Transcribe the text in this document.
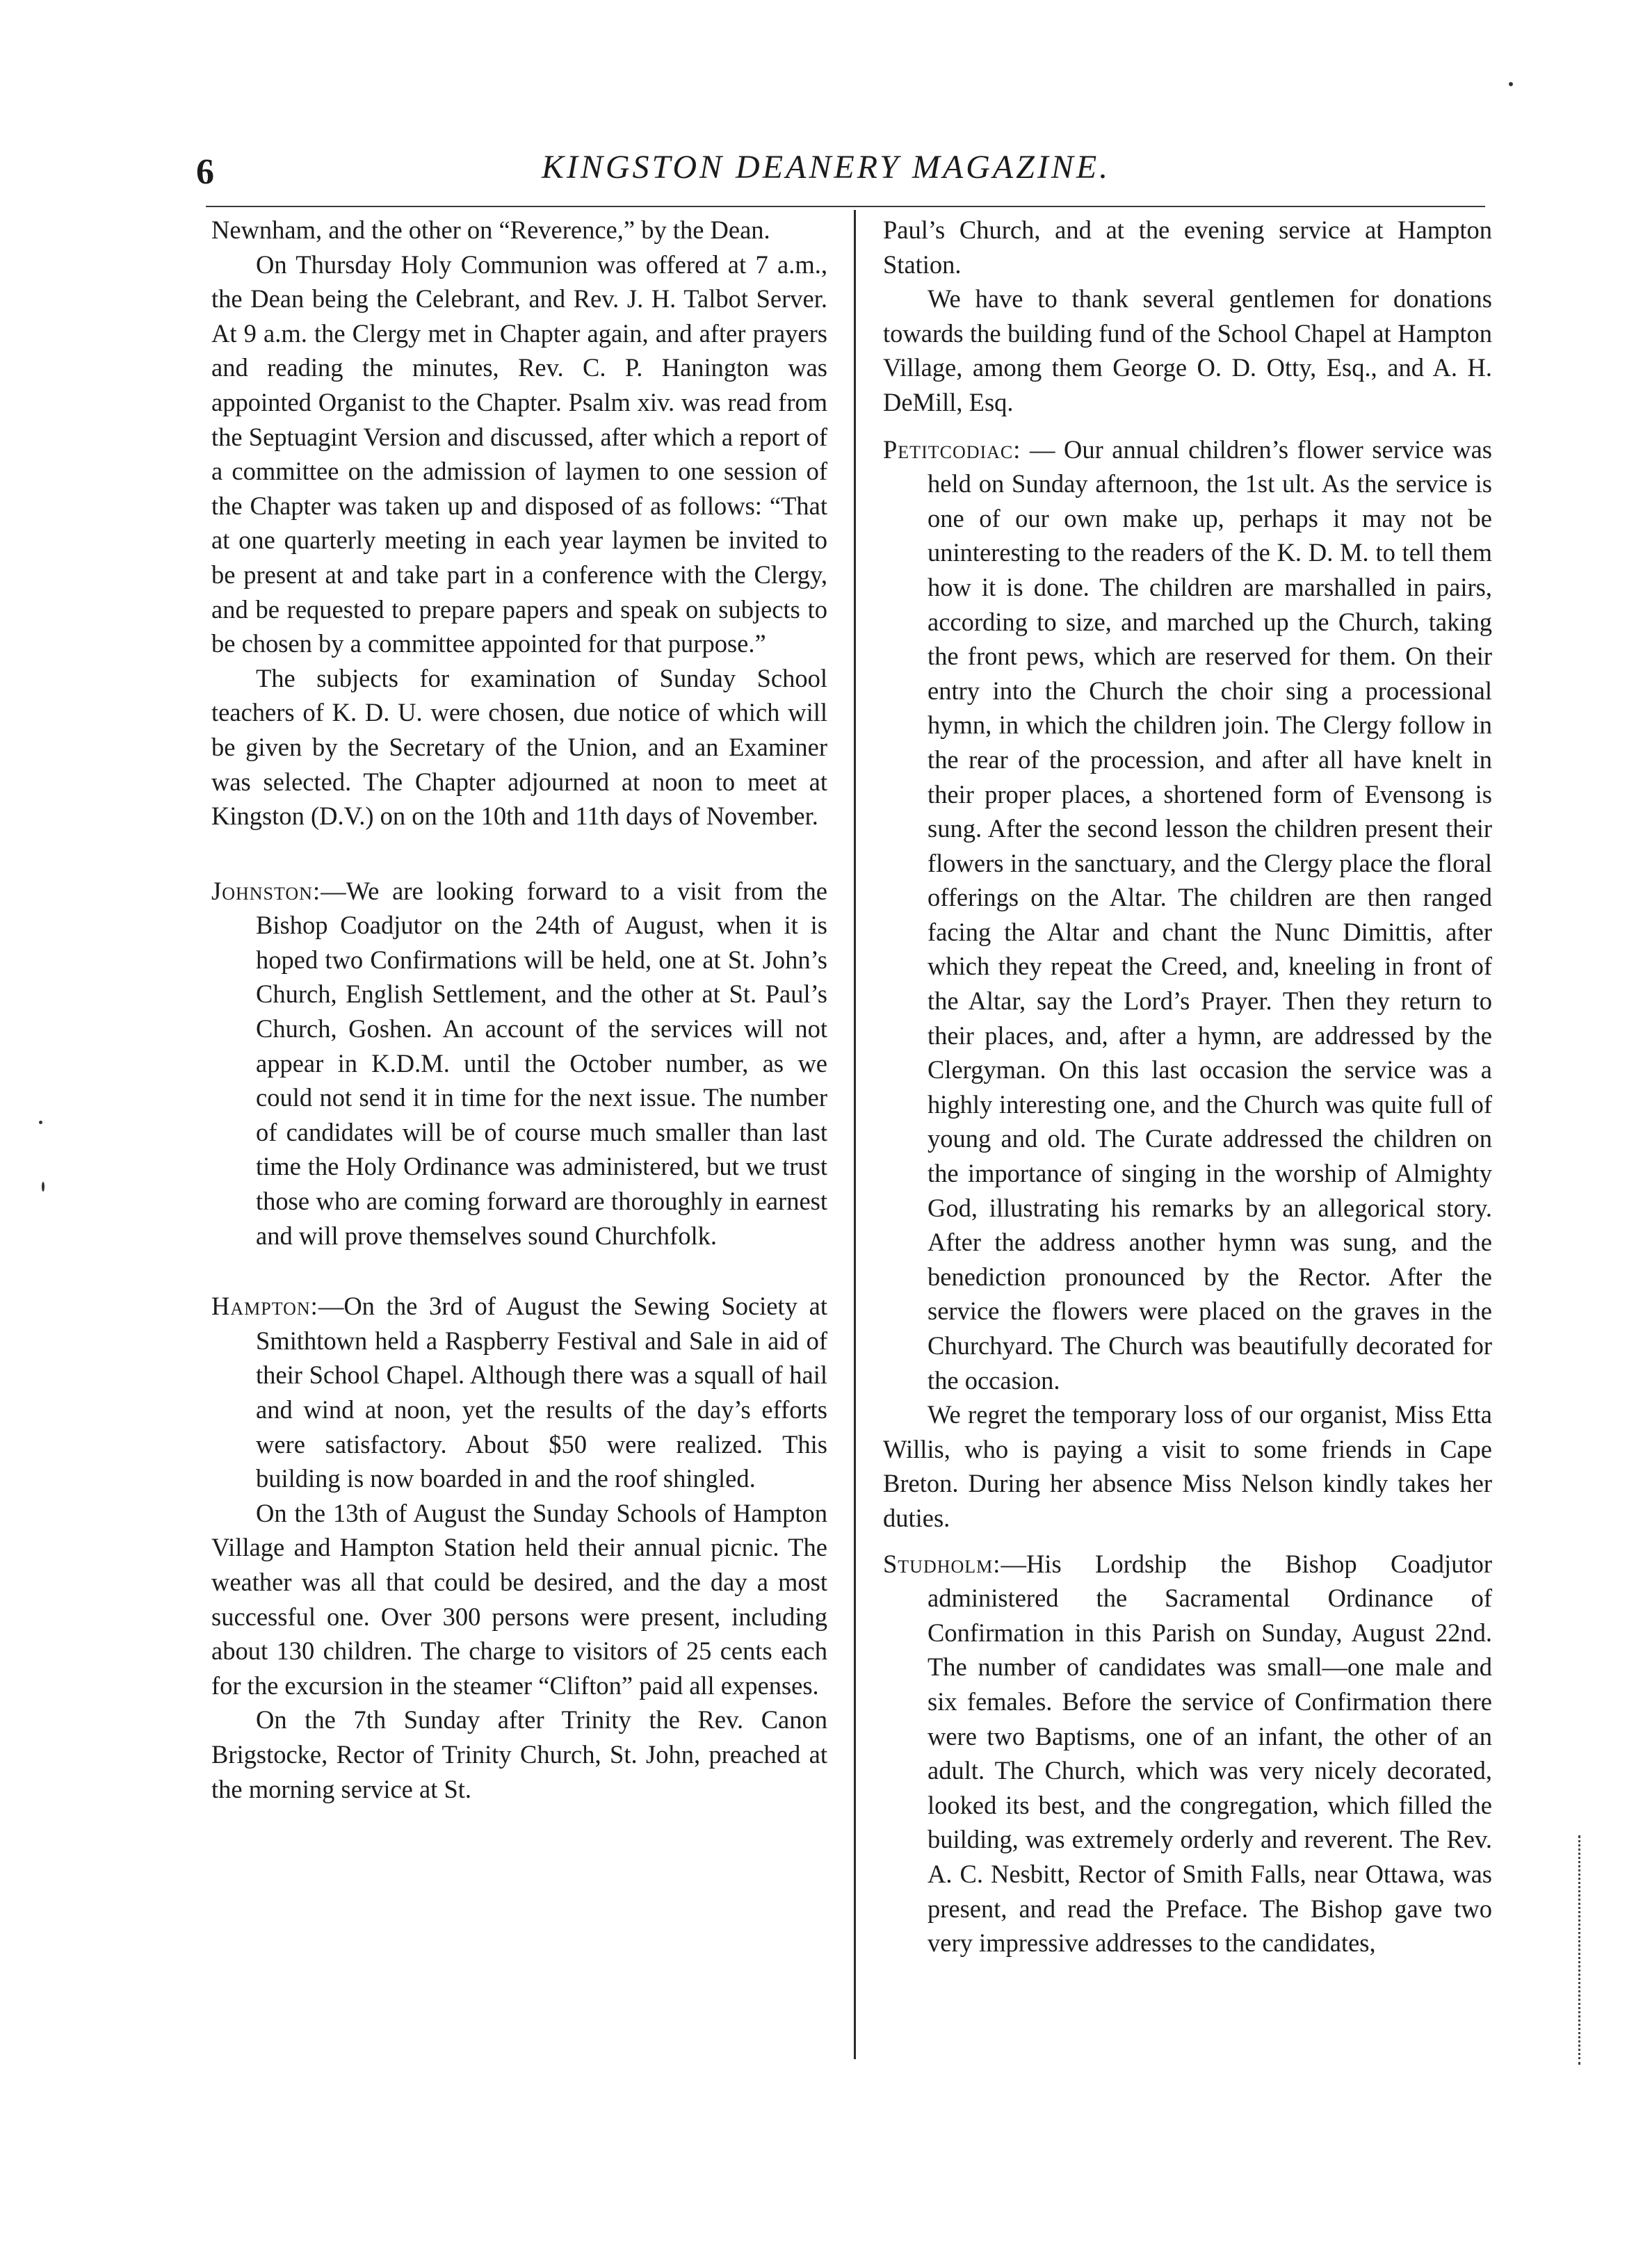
6	KINGSTON DEANERY MAGAZINE.

Newnham, and the other on “Reverence,” by the Dean.

On Thursday Holy Communion was offered at 7 a.m., the Dean being the Celebrant, and Rev. J. H. Talbot Server. At 9 a.m. the Clergy met in Chapter again, and after prayers and reading the minutes, Rev. C. P. Hanington was appointed Organist to the Chapter. Psalm xiv. was read from the Septuagint Version and discussed, after which a report of a committee on the admission of laymen to one session of the Chapter was taken up and disposed of as follows: “That at one quarterly meeting in each year laymen be invited to be present at and take part in a conference with the Clergy, and be requested to prepare papers and speak on subjects to be chosen by a committee appointed for that purpose.”

The subjects for examination of Sunday School teachers of K. D. U. were chosen, due notice of which will be given by the Secretary of the Union, and an Examiner was selected. The Chapter adjourned at noon to meet at Kingston (D.V.) on on the 10th and 11th days of November.

Johnston:—We are looking forward to a visit from the Bishop Coadjutor on the 24th of August, when it is hoped two Confirmations will be held, one at St. John’s Church, English Settlement, and the other at St. Paul’s Church, Goshen. An account of the services will not appear in K.D.M. until the October number, as we could not send it in time for the next issue. The number of candidates will be of course much smaller than last time the Holy Ordinance was administered, but we trust those who are coming forward are thoroughly in earnest and will prove themselves sound Churchfolk.

Hampton:—On the 3rd of August the Sewing Society at Smithtown held a Raspberry Festival and Sale in aid of their School Chapel. Although there was a squall of hail and wind at noon, yet the results of the day’s efforts were satisfactory. About $50 were realized. This building is now boarded in and the roof shingled.

On the 13th of August the Sunday Schools of Hampton Village and Hampton Station held their annual picnic. The weather was all that could be desired, and the day a most successful one. Over 300 persons were present, including about 130 children. The charge to visitors of 25 cents each for the excursion in the steamer “Clifton” paid all expenses.

On the 7th Sunday after Trinity the Rev. Canon Brigstocke, Rector of Trinity Church, St. John, preached at the morning service at St.

Paul’s Church, and at the evening service at Hampton Station.

We have to thank several gentlemen for donations towards the building fund of the School Chapel at Hampton Village, among them George O. D. Otty, Esq., and A. H. DeMill, Esq.

Petitcodiac: — Our annual children’s flower service was held on Sunday afternoon, the 1st ult. As the service is one of our own make up, perhaps it may not be uninteresting to the readers of the K. D. M. to tell them how it is done. The children are marshalled in pairs, according to size, and marched up the Church, taking the front pews, which are reserved for them. On their entry into the Church the choir sing a processional hymn, in which the children join. The Clergy follow in the rear of the procession, and after all have knelt in their proper places, a shortened form of Evensong is sung. After the second lesson the children present their flowers in the sanctuary, and the Clergy place the floral offerings on the Altar. The children are then ranged facing the Altar and chant the Nunc Dimittis, after which they repeat the Creed, and, kneeling in front of the Altar, say the Lord’s Prayer. Then they return to their places, and, after a hymn, are addressed by the Clergyman. On this last occasion the service was a highly interesting one, and the Church was quite full of young and old. The Curate addressed the children on the importance of singing in the worship of Almighty God, illustrating his remarks by an allegorical story. After the address another hymn was sung, and the benediction pronounced by the Rector. After the service the flowers were placed on the graves in the Churchyard. The Church was beautifully decorated for the occasion.

We regret the temporary loss of our organist, Miss Etta Willis, who is paying a visit to some friends in Cape Breton. During her absence Miss Nelson kindly takes her duties.

Studholm:—His Lordship the Bishop Coadjutor administered the Sacramental Ordinance of Confirmation in this Parish on Sunday, August 22nd. The number of candidates was small—one male and six females. Before the service of Confirmation there were two Baptisms, one of an infant, the other of an adult. The Church, which was very nicely decorated, looked its best, and the congregation, which filled the building, was extremely orderly and reverent. The Rev. A. C. Nesbitt, Rector of Smith Falls, near Ottawa, was present, and read the Preface. The Bishop gave two very impressive addresses to the candidates,
